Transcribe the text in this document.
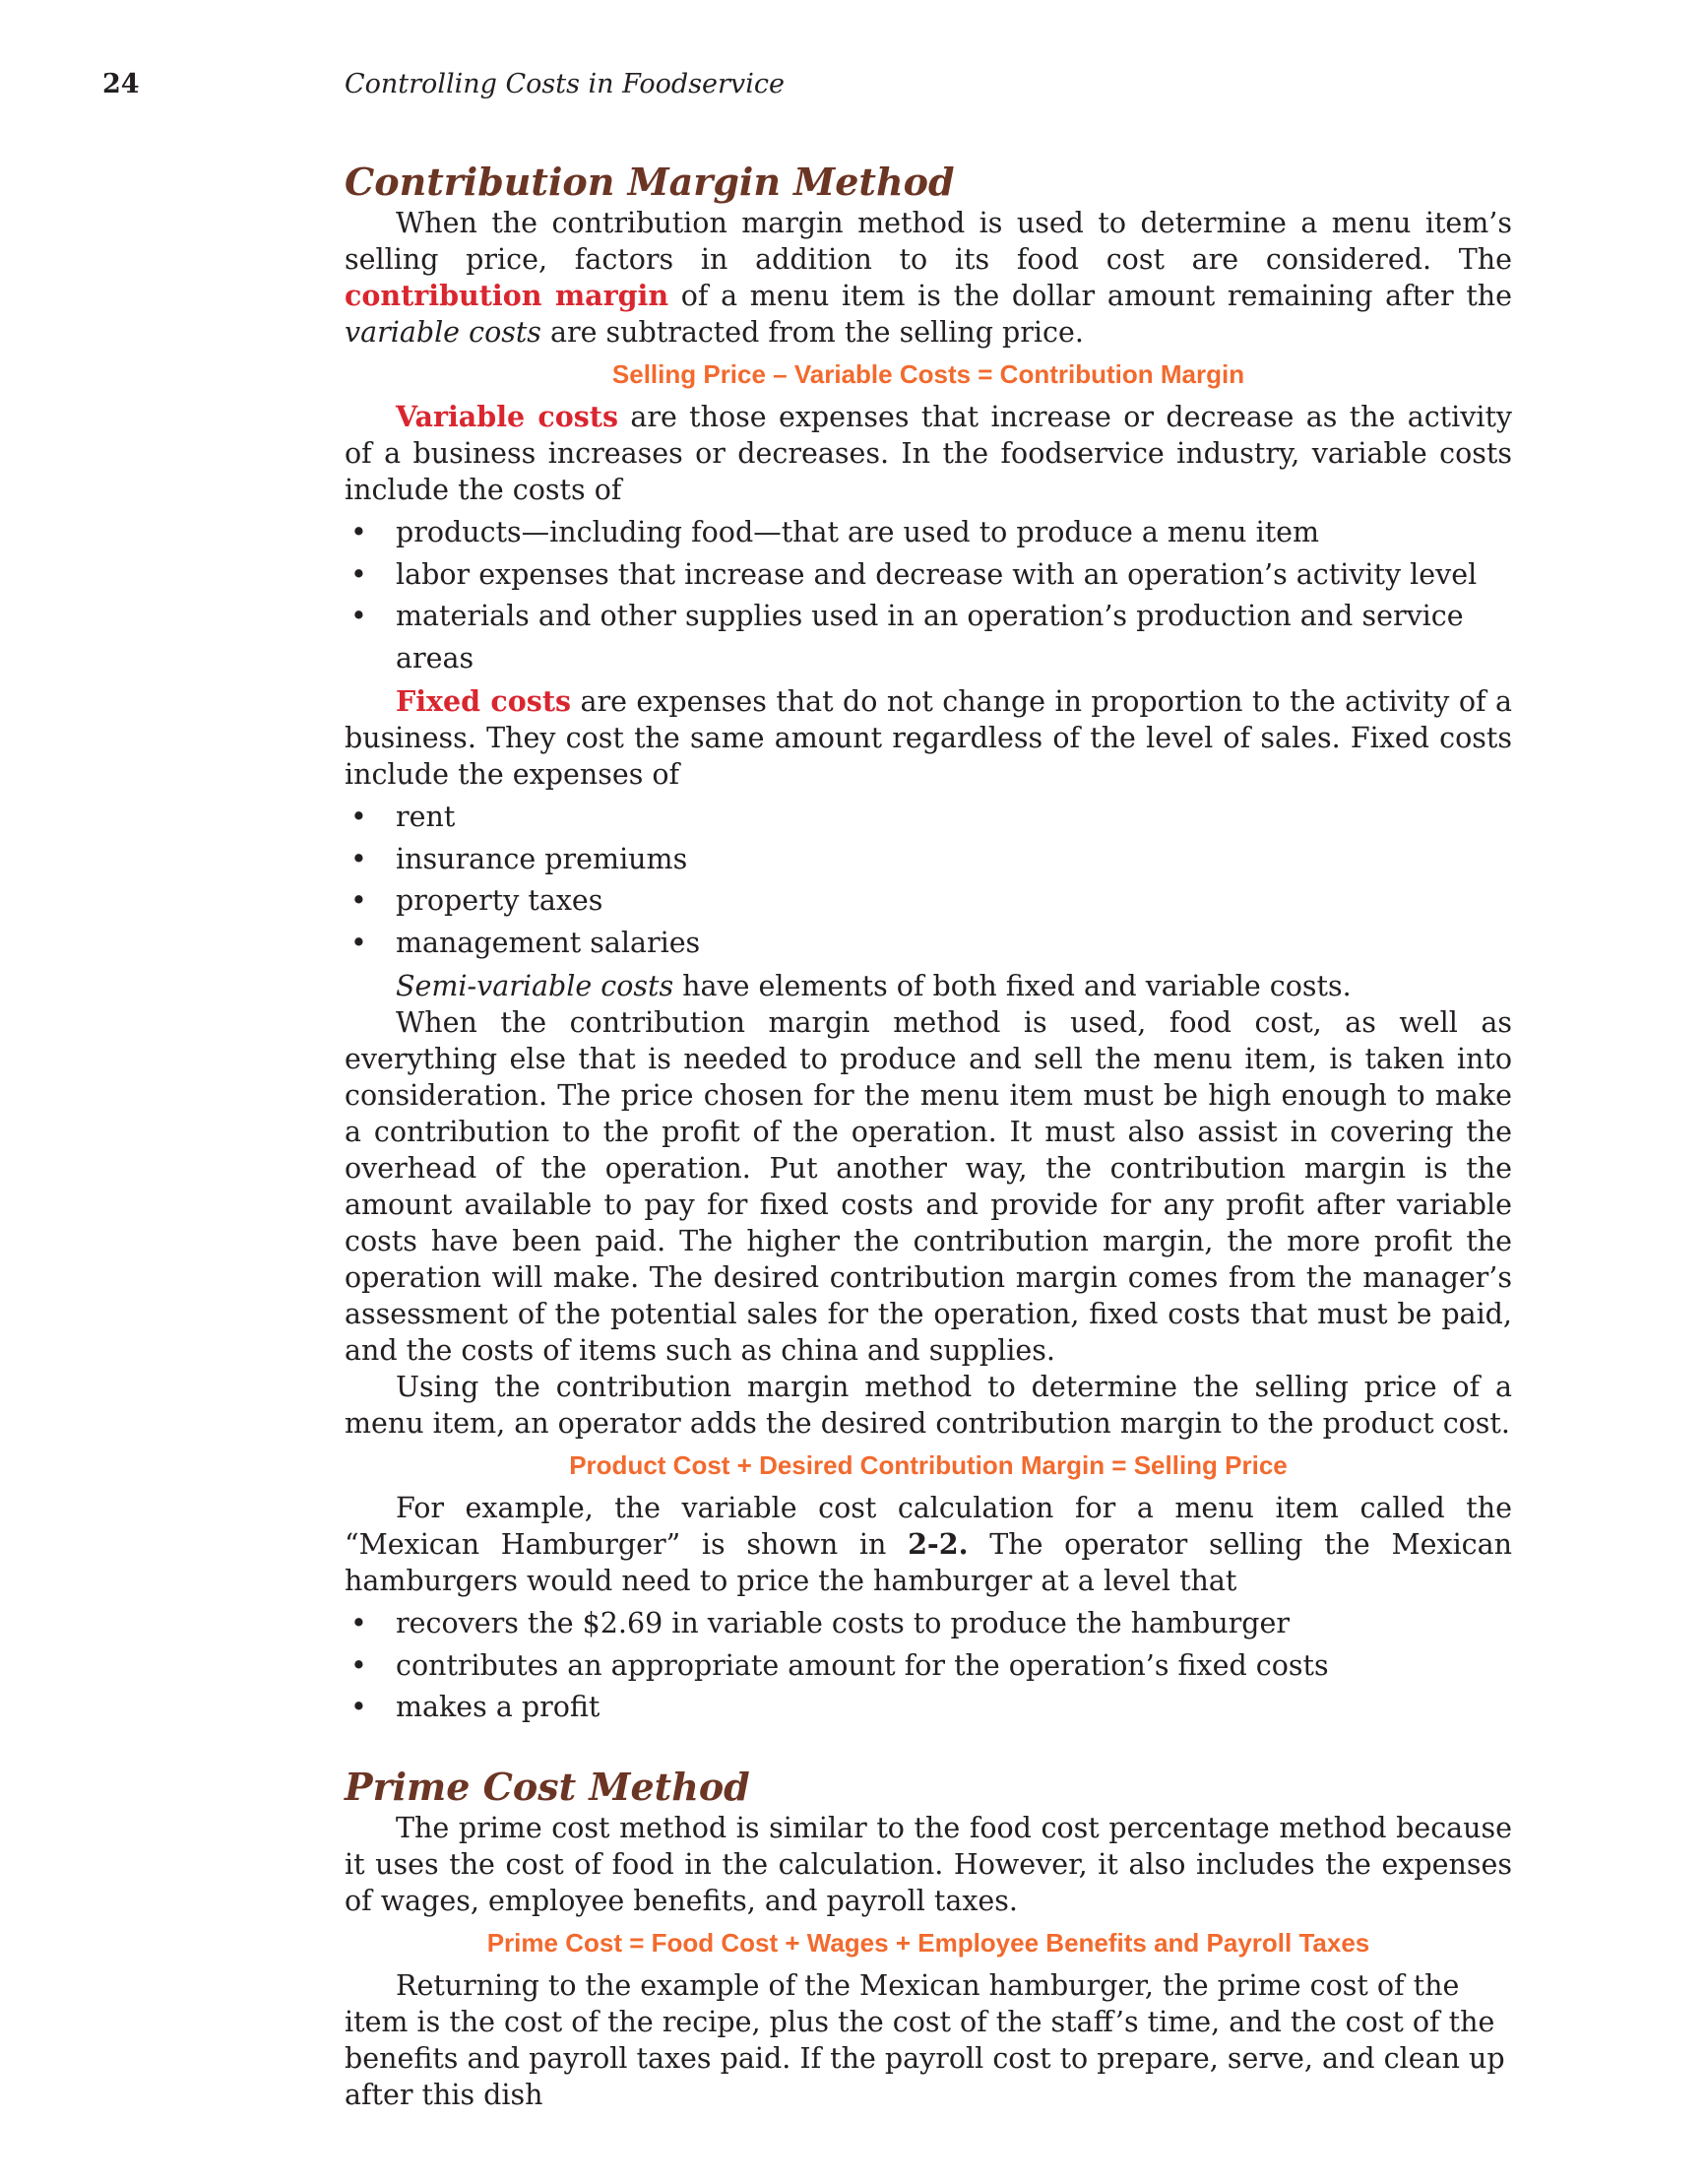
24	Controlling Costs in Foodservice
Contribution Margin Method

When the contribution margin method is used to determine a menu item’s selling price, factors in addition to its food cost are considered. The contribution margin of a menu item is the dollar amount remaining after the variable costs are subtracted from the selling price.

Selling Price – Variable Costs = Contribution Margin

Variable costs are those expenses that increase or decrease as the activity of a business increases or decreases. In the foodservice industry, variable costs include the costs of

• products—including food—that are used to produce a menu item
• labor expenses that increase and decrease with an operation’s activity level
• materials and other supplies used in an operation’s production and service areas

Fixed costs are expenses that do not change in proportion to the activity of a business. They cost the same amount regardless of the level of sales. Fixed costs include the expenses of

• rent
• insurance premiums
• property taxes
• management salaries

Semi-variable costs have elements of both fixed and variable costs.

When the contribution margin method is used, food cost, as well as everything else that is needed to produce and sell the menu item, is taken into consideration. The price chosen for the menu item must be high enough to make a contribution to the profit of the operation. It must also assist in covering the overhead of the operation. Put another way, the contribution margin is the amount available to pay for fixed costs and provide for any profit after variable costs have been paid. The higher the contribution margin, the more profit the operation will make. The desired contribution margin comes from the manager’s assessment of the potential sales for the operation, fixed costs that must be paid, and the costs of items such as china and supplies.

Using the contribution margin method to determine the selling price of a menu item, an operator adds the desired contribution margin to the product cost.

Product Cost + Desired Contribution Margin = Selling Price

For example, the variable cost calculation for a menu item called the “Mexican Hamburger” is shown in 2-2. The operator selling the Mexican hamburgers would need to price the hamburger at a level that

• recovers the $2.69 in variable costs to produce the hamburger
• contributes an appropriate amount for the operation’s fixed costs
• makes a profit
Prime Cost Method

The prime cost method is similar to the food cost percentage method because it uses the cost of food in the calculation. However, it also includes the expenses of wages, employee benefits, and payroll taxes.

Prime Cost = Food Cost + Wages + Employee Benefits and Payroll Taxes

Returning to the example of the Mexican hamburger, the prime cost of the item is the cost of the recipe, plus the cost of the staff’s time, and the cost of the benefits and payroll taxes paid. If the payroll cost to prepare, serve, and clean up after this dish
